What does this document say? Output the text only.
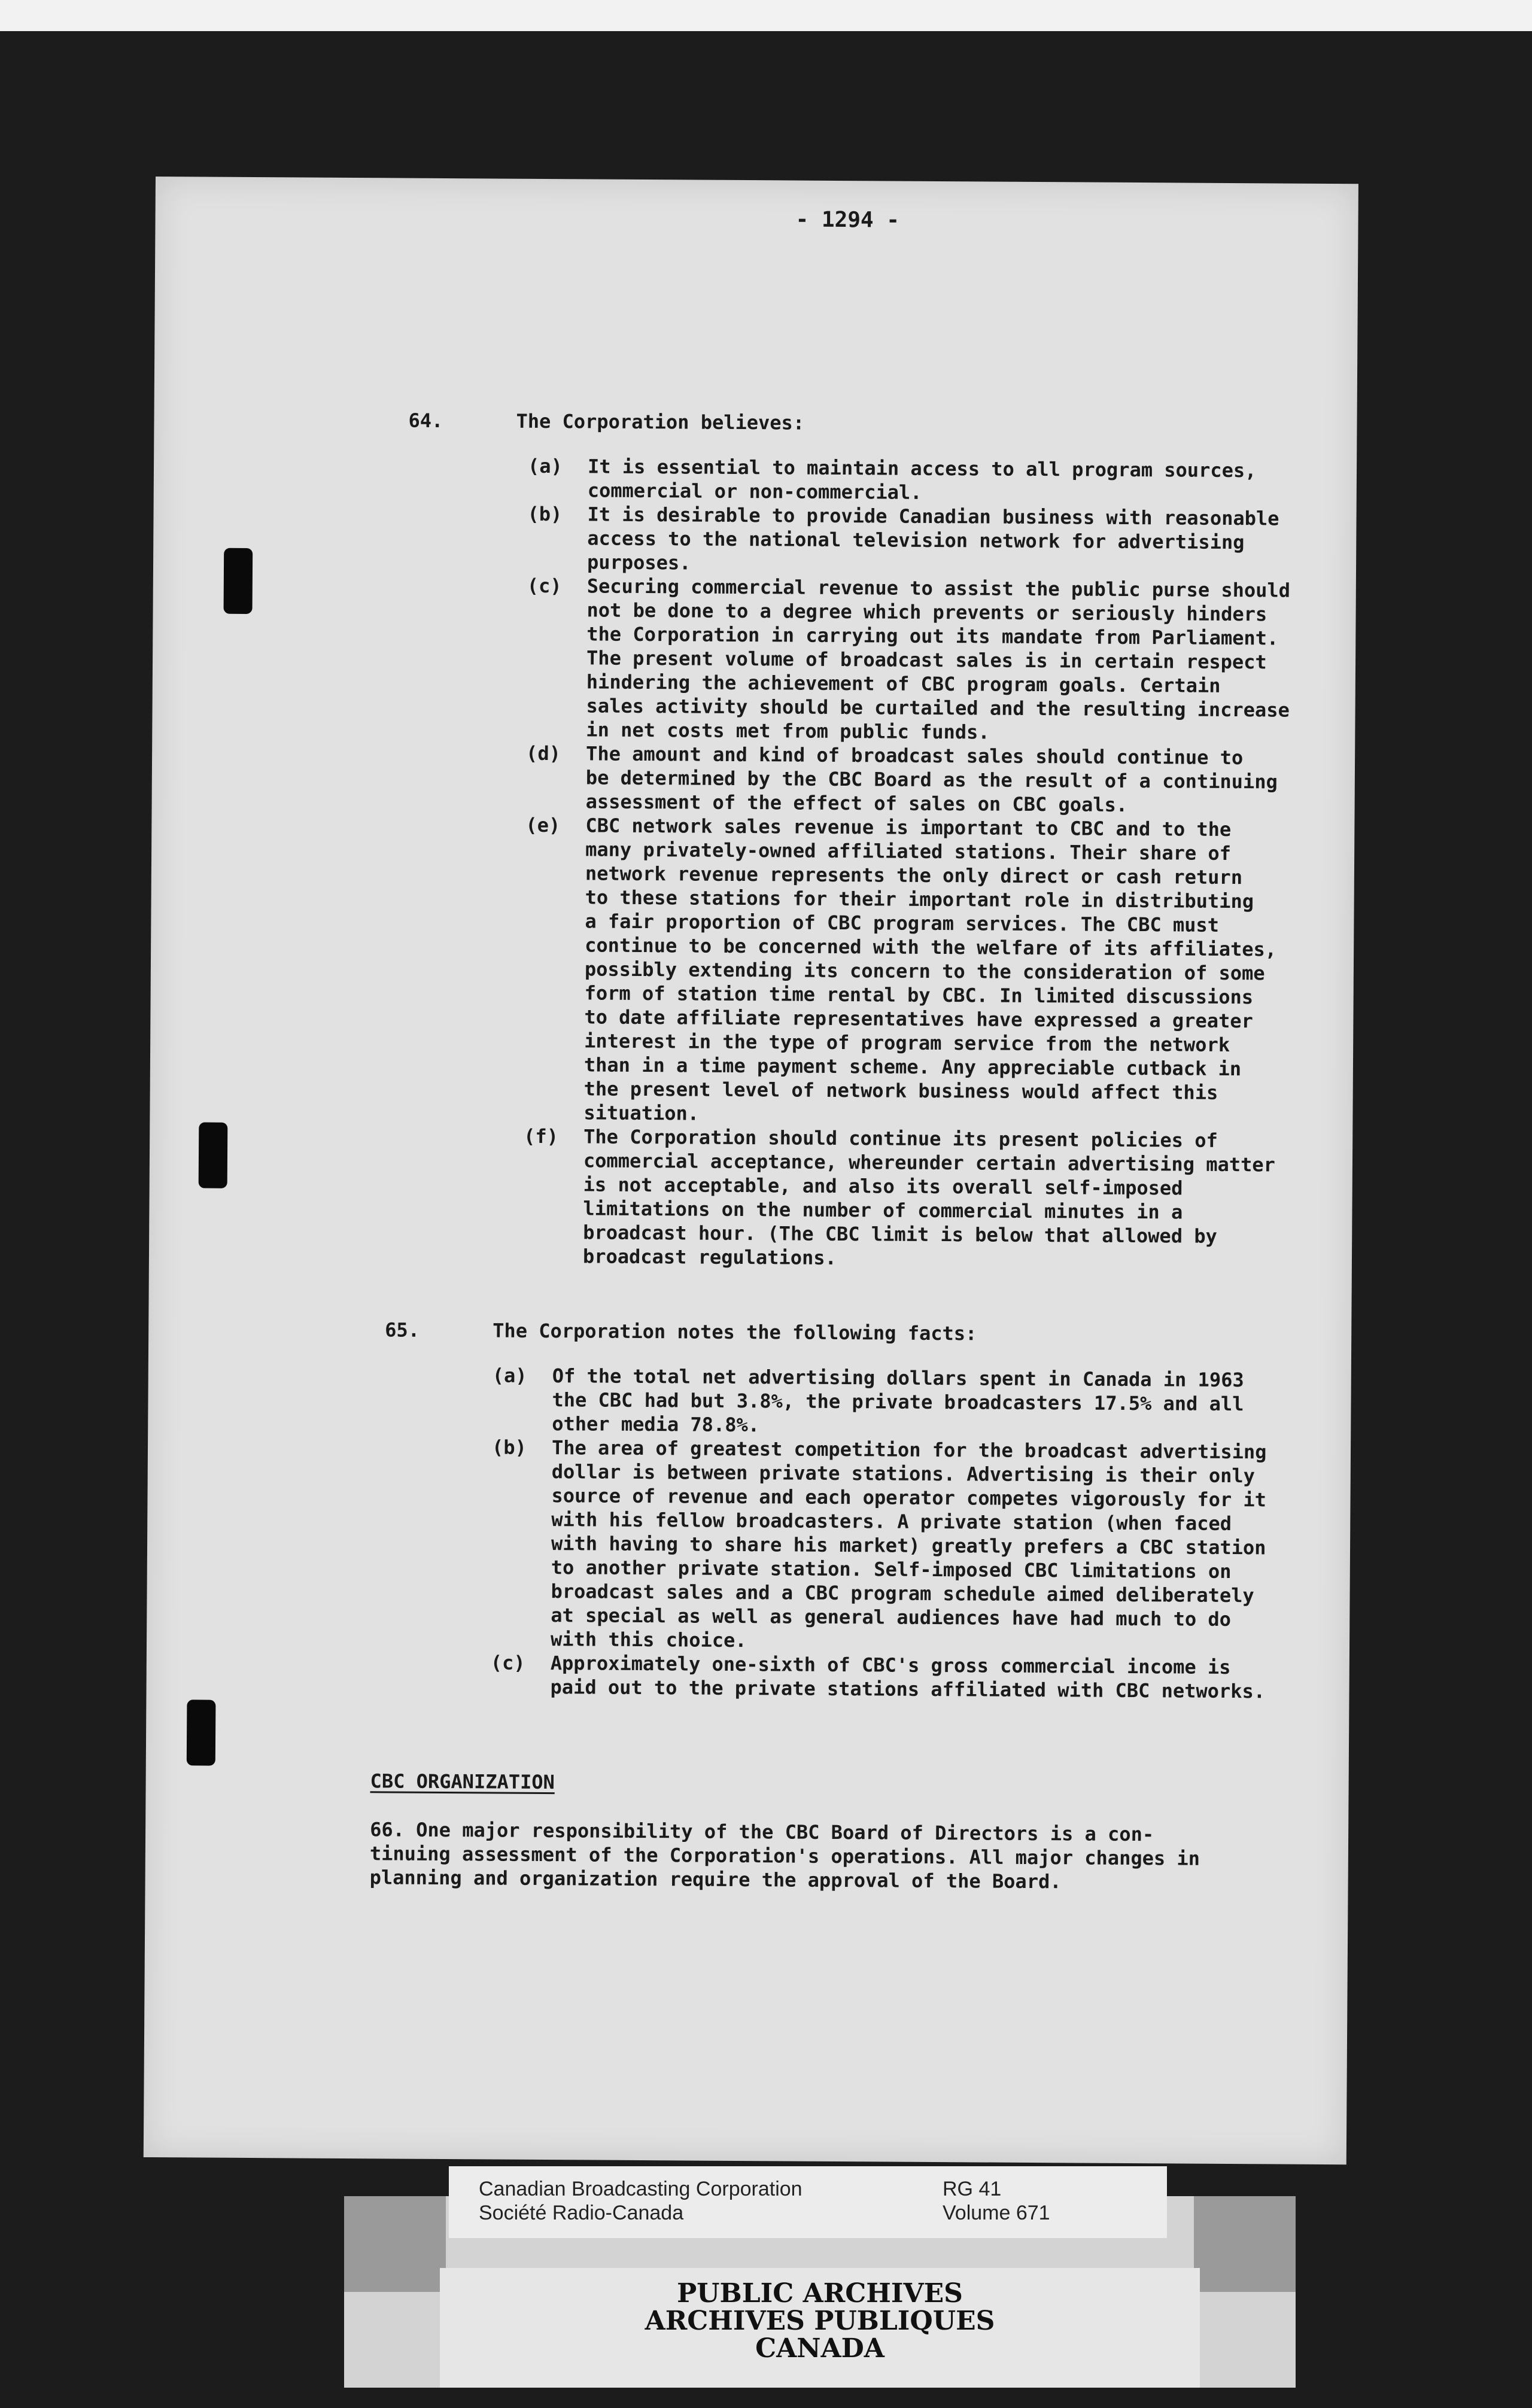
- 1294 -
64.	The Corporation believes:
(a)	It is essential to maintain access to all program sources,
commercial or non-commercial.
(b)	It is desirable to provide Canadian business with reasonable
access to the national television network for advertising
purposes.
(c)	Securing commercial revenue to assist the public purse should
not be done to a degree which prevents or seriously hinders
the Corporation in carrying out its mandate from Parliament.
The present volume of broadcast sales is in certain respect
hindering the achievement of CBC program goals. Certain
sales activity should be curtailed and the resulting increase
in net costs met from public funds.
(d)	The amount and kind of broadcast sales should continue to
be determined by the CBC Board as the result of a continuing
assessment of the effect of sales on CBC goals.
(e)	CBC network sales revenue is important to CBC and to the
many privately-owned affiliated stations. Their share of
network revenue represents the only direct or cash return
to these stations for their important role in distributing
a fair proportion of CBC program services. The CBC must
continue to be concerned with the welfare of its affiliates,
possibly extending its concern to the consideration of some
form of station time rental by CBC. In limited discussions
to date affiliate representatives have expressed a greater
interest in the type of program service from the network
than in a time payment scheme. Any appreciable cutback in
the present level of network business would affect this
situation.
(f)	The Corporation should continue its present policies of
commercial acceptance, whereunder certain advertising matter
is not acceptable, and also its overall self-imposed
limitations on the number of commercial minutes in a
broadcast hour. (The CBC limit is below that allowed by
broadcast regulations.
65.	The Corporation notes the following facts:
(a)	Of the total net advertising dollars spent in Canada in 1963
the CBC had but 3.8%, the private broadcasters 17.5% and all
other media 78.8%.
(b)	The area of greatest competition for the broadcast advertising
dollar is between private stations. Advertising is their only
source of revenue and each operator competes vigorously for it
with his fellow broadcasters. A private station (when faced
with having to share his market) greatly prefers a CBC station
to another private station. Self-imposed CBC limitations on
broadcast sales and a CBC program schedule aimed deliberately
at special as well as general audiences have had much to do
with this choice.
(c)	Approximately one-sixth of CBC's gross commercial income is
paid out to the private stations affiliated with CBC networks.
CBC ORGANIZATION
66. One major responsibility of the CBC Board of Directors is a con-
tinuing assessment of the Corporation's operations. All major changes in
planning and organization require the approval of the Board.
PUBLIC ARCHIVES
ARCHIVES PUBLIQUES
CANADA
Canadian Broadcasting Corporation
Société Radio-Canada
RG 41
Volume 671
